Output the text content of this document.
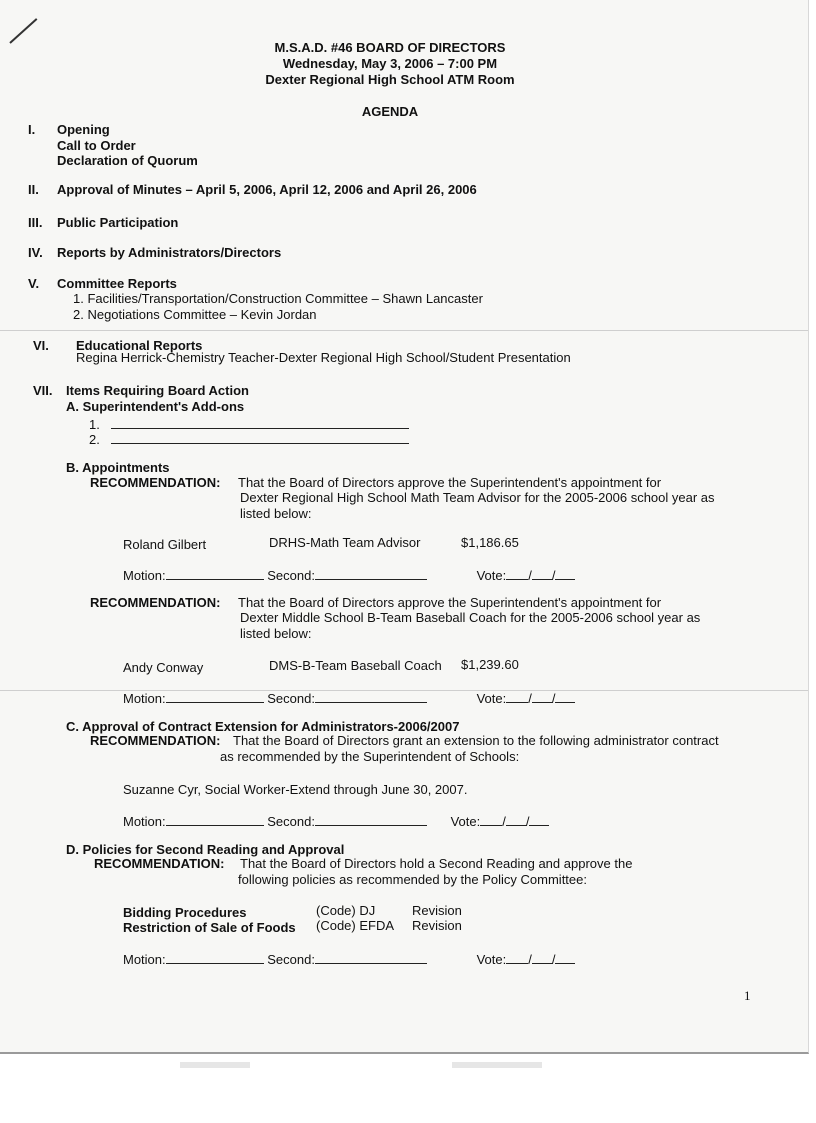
M.S.A.D. #46 BOARD OF DIRECTORS
Wednesday, May 3, 2006 – 7:00 PM
Dexter Regional High School ATM Room
AGENDA
I. Opening
Call to Order
Declaration of Quorum
II. Approval of Minutes – April 5, 2006, April 12, 2006 and April 26, 2006
III. Public Participation
IV. Reports by Administrators/Directors
V. Committee Reports
1. Facilities/Transportation/Construction Committee – Shawn Lancaster
2. Negotiations Committee – Kevin Jordan
VI. Educational Reports
Regina Herrick-Chemistry Teacher-Dexter Regional High School/Student Presentation
VII. Items Requiring Board Action
A. Superintendent's Add-ons
1.
2.
B. Appointments
RECOMMENDATION: That the Board of Directors approve the Superintendent's appointment for
Dexter Regional High School Math Team Advisor for the 2005-2006 school year as
listed below:
Roland Gilbert	DRHS-Math Team Advisor	$1,186.65
Motion:	Second:	Vote: / /
RECOMMENDATION: That the Board of Directors approve the Superintendent's appointment for
Dexter Middle School B-Team Baseball Coach for the 2005-2006 school year as
listed below:
Andy Conway	DMS-B-Team Baseball Coach $1,239.60
Motion:	Second:	Vote: / /
C. Approval of Contract Extension for Administrators-2006/2007
RECOMMENDATION: That the Board of Directors grant an extension to the following administrator contract
as recommended by the Superintendent of Schools:
Suzanne Cyr, Social Worker-Extend through June 30, 2007.
Motion:	Second:	Vote: / /
D. Policies for Second Reading and Approval
RECOMMENDATION: That the Board of Directors hold a Second Reading and approve the
following policies as recommended by the Policy Committee:
Bidding Procedures	(Code) DJ	Revision
Restriction of Sale of Foods (Code) EFDA Revision
Motion:	Second:	Vote: / /
1
